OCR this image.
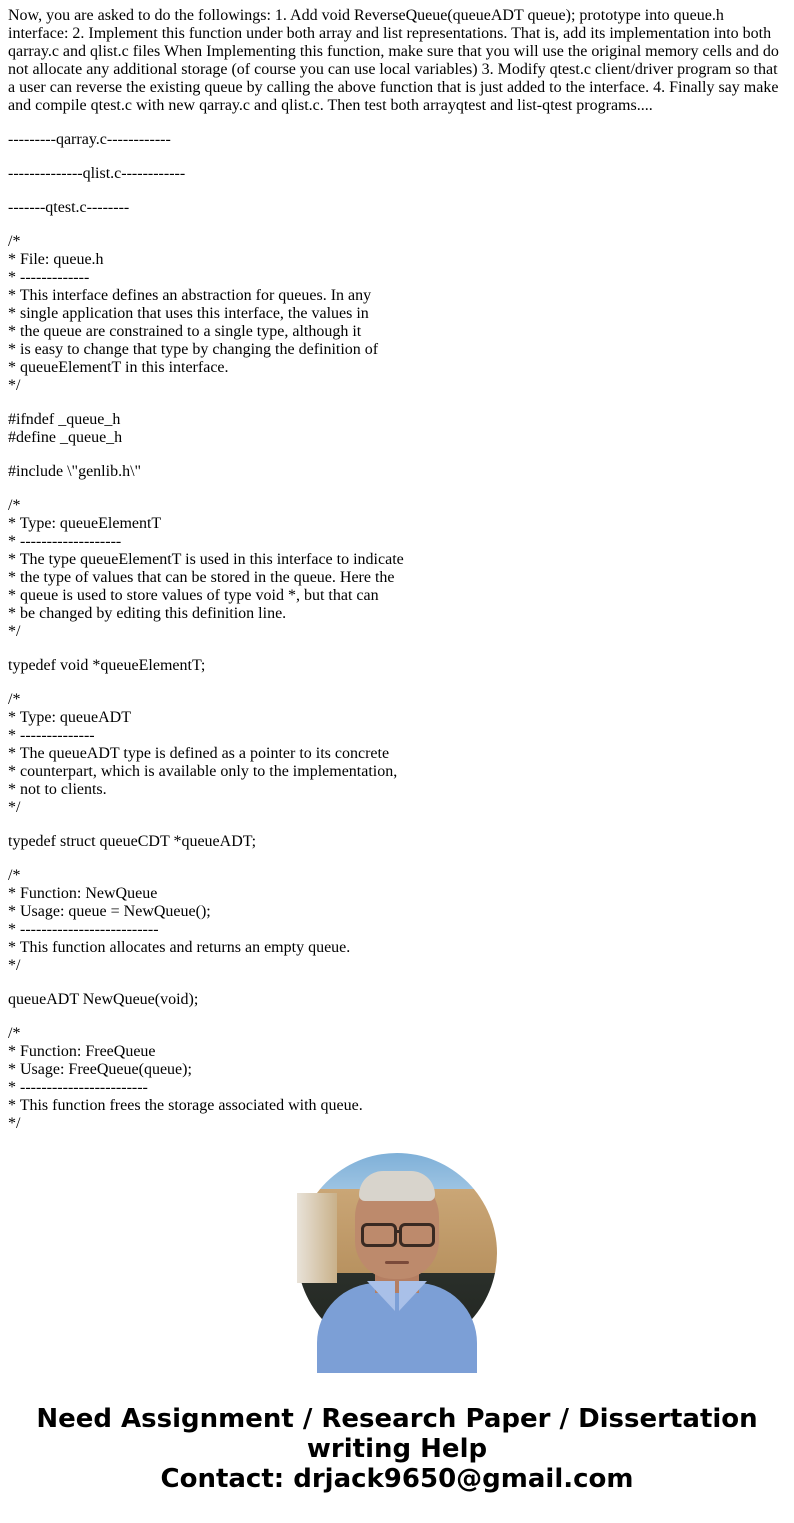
Now, you are asked to do the followings: 1. Add void ReverseQueue(queueADT queue); prototype into queue.h interface: 2. Implement this function under both array and list representations. That is, add its implementation into both qarray.c and qlist.c files When Implementing this function, make sure that you will use the original memory cells and do not allocate any additional storage (of course you can use local variables) 3. Modify qtest.c client/driver program so that a user can reverse the existing queue by calling the above function that is just added to the interface. 4. Finally say make and compile qtest.c with new qarray.c and qlist.c. Then test both arrayqtest and list-qtest programs....

---------qarray.c------------
--------------qlist.c------------
-------qtest.c--------
/*
* File: queue.h
* -------------
* This interface defines an abstraction for queues. In any
* single application that uses this interface, the values in
* the queue are constrained to a single type, although it
* is easy to change that type by changing the definition of
* queueElementT in this interface.
*/
#ifndef _queue_h
#define _queue_h
#include \"genlib.h\"
/*
* Type: queueElementT
* -------------------
* The type queueElementT is used in this interface to indicate
* the type of values that can be stored in the queue. Here the
* queue is used to store values of type void *, but that can
* be changed by editing this definition line.
*/
typedef void *queueElementT;
/*
* Type: queueADT
* --------------
* The queueADT type is defined as a pointer to its concrete
* counterpart, which is available only to the implementation,
* not to clients.
*/
typedef struct queueCDT *queueADT;
/*
* Function: NewQueue
* Usage: queue = NewQueue();
* --------------------------
* This function allocates and returns an empty queue.
*/
queueADT NewQueue(void);
/*
* Function: FreeQueue
* Usage: FreeQueue(queue);
* ------------------------
* This function frees the storage associated with queue.
*/
Need Assignment / Research Paper / Dissertation writing Help
Contact: drjack9650@gmail.com
